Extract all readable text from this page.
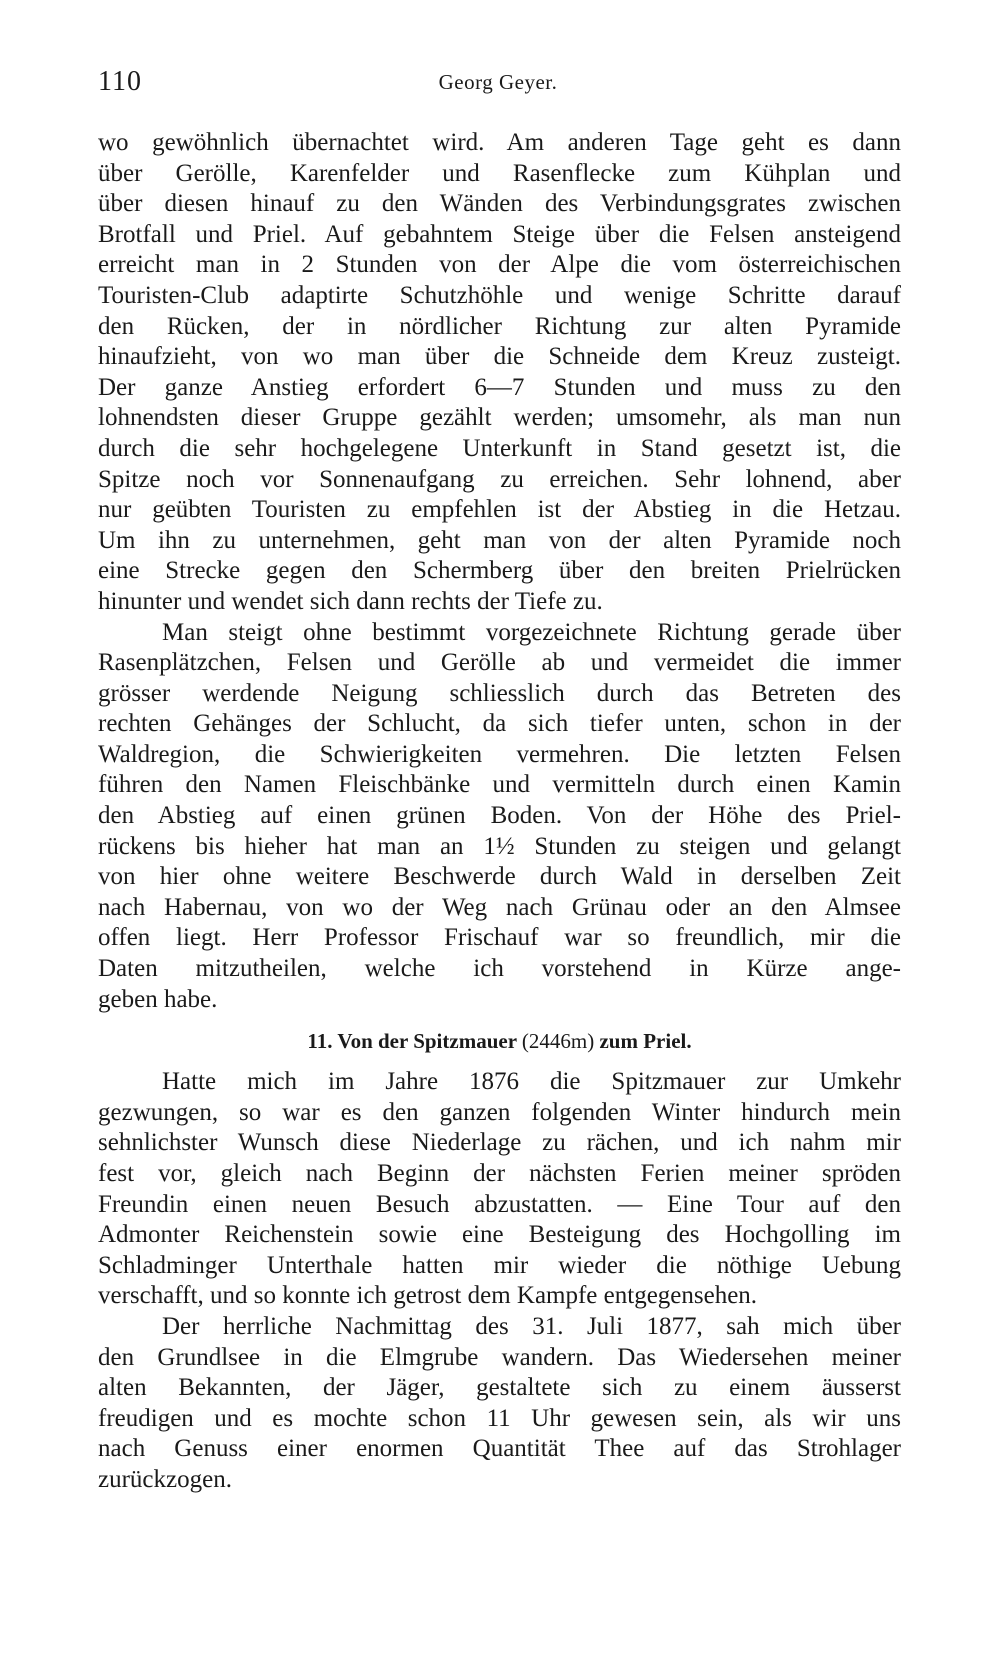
110	Georg Geyer.
wo gewöhnlich übernachtet wird. Am anderen Tage geht es dann
über Gerölle, Karenfelder und Rasenflecke zum Kühplan und
über diesen hinauf zu den Wänden des Verbindungsgrates zwischen
Brotfall und Priel. Auf gebahntem Steige über die Felsen ansteigend
erreicht man in 2 Stunden von der Alpe die vom österreichischen
Touristen-Club adaptirte Schutzhöhle und wenige Schritte darauf
den Rücken, der in nördlicher Richtung zur alten Pyramide
hinaufzieht, von wo man über die Schneide dem Kreuz zusteigt.
Der ganze Anstieg erfordert 6—7 Stunden und muss zu den
lohnendsten dieser Gruppe gezählt werden; umsomehr, als man nun
durch die sehr hochgelegene Unterkunft in Stand gesetzt ist, die
Spitze noch vor Sonnenaufgang zu erreichen. Sehr lohnend, aber
nur geübten Touristen zu empfehlen ist der Abstieg in die Hetzau.
Um ihn zu unternehmen, geht man von der alten Pyramide noch
eine Strecke gegen den Schermberg über den breiten Prielrücken
hinunter und wendet sich dann rechts der Tiefe zu.
Man steigt ohne bestimmt vorgezeichnete Richtung gerade über
Rasenplätzchen, Felsen und Gerölle ab und vermeidet die immer
grösser werdende Neigung schliesslich durch das Betreten des
rechten Gehänges der Schlucht, da sich tiefer unten, schon in der
Waldregion, die Schwierigkeiten vermehren. Die letzten Felsen
führen den Namen Fleischbänke und vermitteln durch einen Kamin
den Abstieg auf einen grünen Boden. Von der Höhe des Priel-
rückens bis hieher hat man an 1½ Stunden zu steigen und gelangt
von hier ohne weitere Beschwerde durch Wald in derselben Zeit
nach Habernau, von wo der Weg nach Grünau oder an den Almsee
offen liegt. Herr Professor Frischauf war so freundlich, mir die
Daten mitzutheilen, welche ich vorstehend in Kürze ange-
geben habe.
11. Von der Spitzmauer (2446m) zum Priel.
Hatte mich im Jahre 1876 die Spitzmauer zur Umkehr
gezwungen, so war es den ganzen folgenden Winter hindurch mein
sehnlichster Wunsch diese Niederlage zu rächen, und ich nahm mir
fest vor, gleich nach Beginn der nächsten Ferien meiner spröden
Freundin einen neuen Besuch abzustatten. — Eine Tour auf den
Admonter Reichenstein sowie eine Besteigung des Hochgolling im
Schladminger Unterthale hatten mir wieder die nöthige Uebung
verschafft, und so konnte ich getrost dem Kampfe entgegensehen.
Der herrliche Nachmittag des 31. Juli 1877, sah mich über
den Grundlsee in die Elmgrube wandern. Das Wiedersehen meiner
alten Bekannten, der Jäger, gestaltete sich zu einem äusserst
freudigen und es mochte schon 11 Uhr gewesen sein, als wir uns
nach Genuss einer enormen Quantität Thee auf das Strohlager
zurückzogen.
